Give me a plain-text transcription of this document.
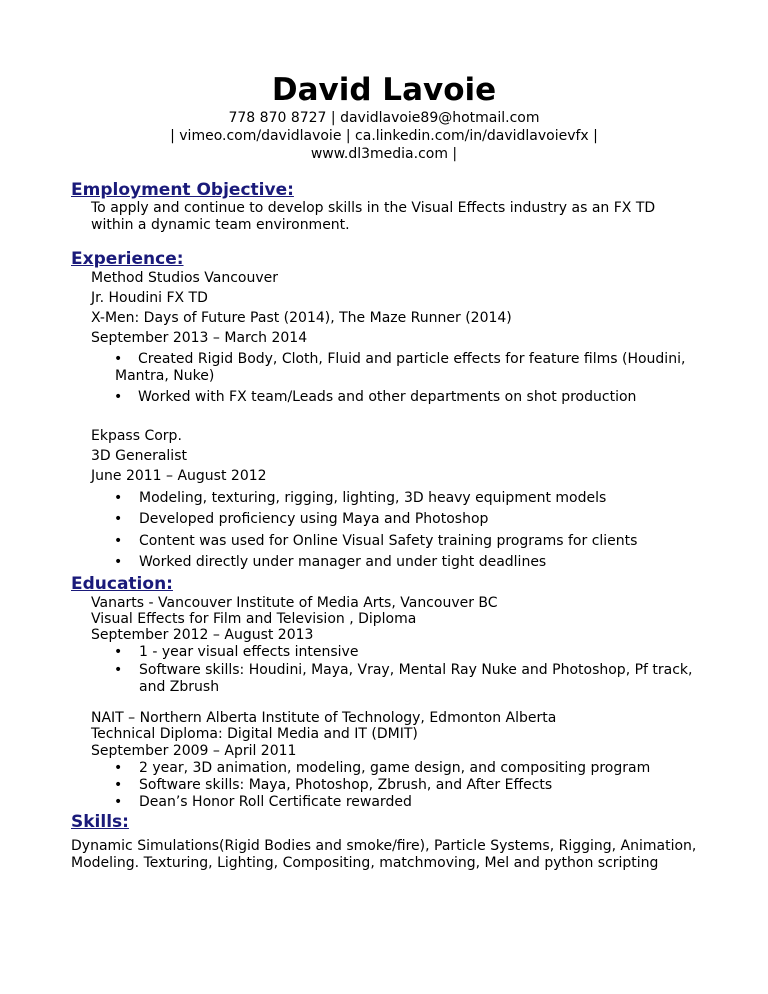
David Lavoie
778 870 8727 | davidlavoie89@hotmail.com
| vimeo.com/davidlavoie | ca.linkedin.com/in/davidlavoievfx |
www.dl3media.com |
Employment Objective:
To apply and continue to develop skills in the Visual Effects industry as an FX TD
within a dynamic team environment.
Experience:
Method Studios Vancouver
Jr. Houdini FX TD
X-Men: Days of Future Past (2014), The Maze Runner (2014)
September 2013 – March 2014
• Created Rigid Body, Cloth, Fluid and particle effects for feature films (Houdini,
Mantra, Nuke)
• Worked with FX team/Leads and other departments on shot production
Ekpass Corp.
3D Generalist
June 2011 – August 2012
• Modeling, texturing, rigging, lighting, 3D heavy equipment models
• Developed proficiency using Maya and Photoshop
• Content was used for Online Visual Safety training programs for clients
• Worked directly under manager and under tight deadlines
Education:
Vanarts - Vancouver Institute of Media Arts, Vancouver BC
Visual Effects for Film and Television , Diploma
September 2012 – August 2013
• 1 - year visual effects intensive
• Software skills: Houdini, Maya, Vray, Mental Ray Nuke and Photoshop, Pf track,
and Zbrush
NAIT – Northern Alberta Institute of Technology, Edmonton Alberta
Technical Diploma: Digital Media and IT (DMIT)
September 2009 – April 2011
• 2 year, 3D animation, modeling, game design, and compositing program
• Software skills: Maya, Photoshop, Zbrush, and After Effects
• Dean’s Honor Roll Certificate rewarded
Skills:
Dynamic Simulations(Rigid Bodies and smoke/fire), Particle Systems, Rigging, Animation,
Modeling. Texturing, Lighting, Compositing, matchmoving, Mel and python scripting
